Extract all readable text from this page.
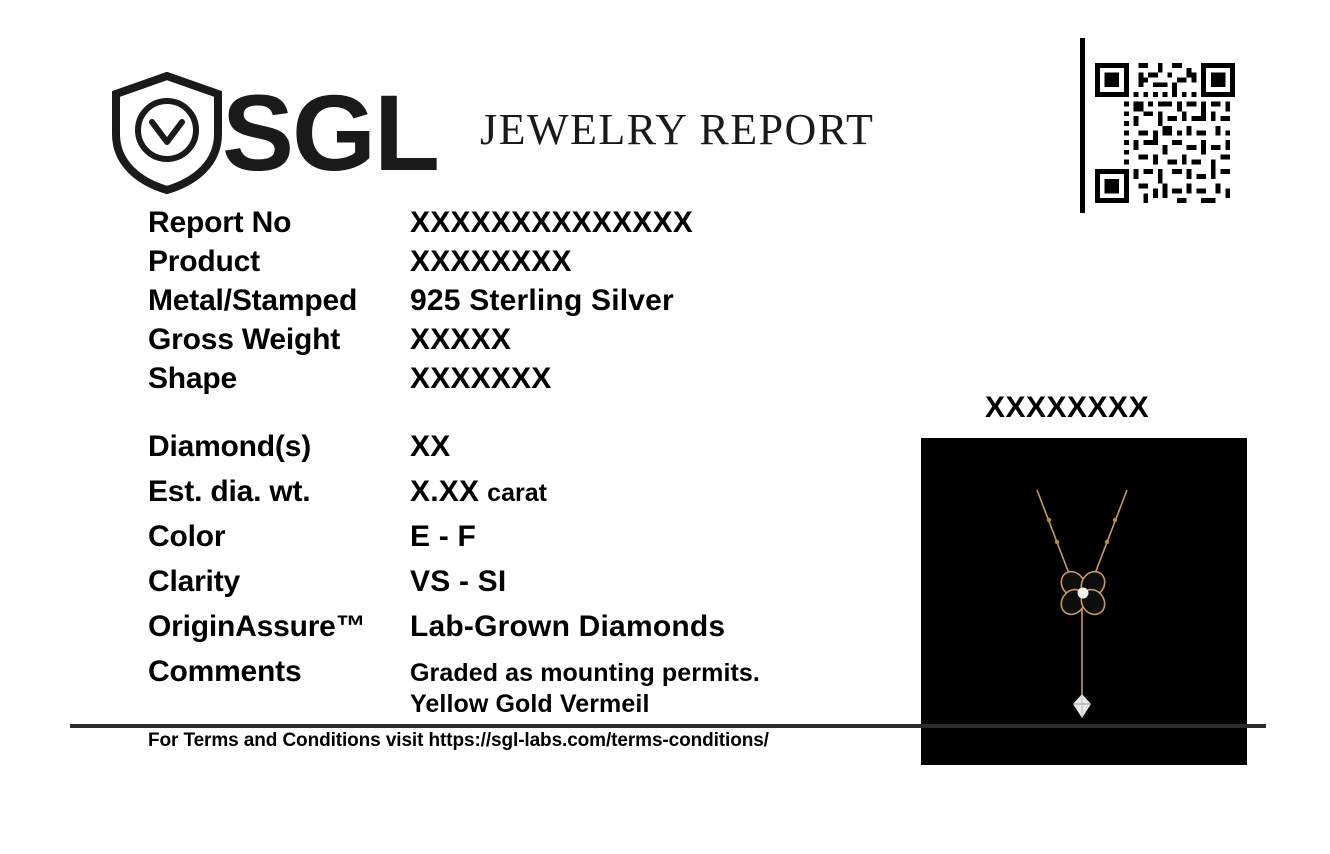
SGL JEWELRY REPORT
Report No	XXXXXXXXXXXXXX
Product	XXXXXXXX
Metal/Stamped	925 Sterling Silver
Gross Weight	XXXXX
Shape	XXXXXXX
Diamond(s)	XX
Est. dia. wt.	X.XX carat
Color	E - F
Clarity	VS - SI
OriginAssure™	Lab-Grown Diamonds
Comments	Graded as mounting permits.
Yellow Gold Vermeil
XXXXXXXX
For Terms and Conditions visit https://sgl-labs.com/terms-conditions/
